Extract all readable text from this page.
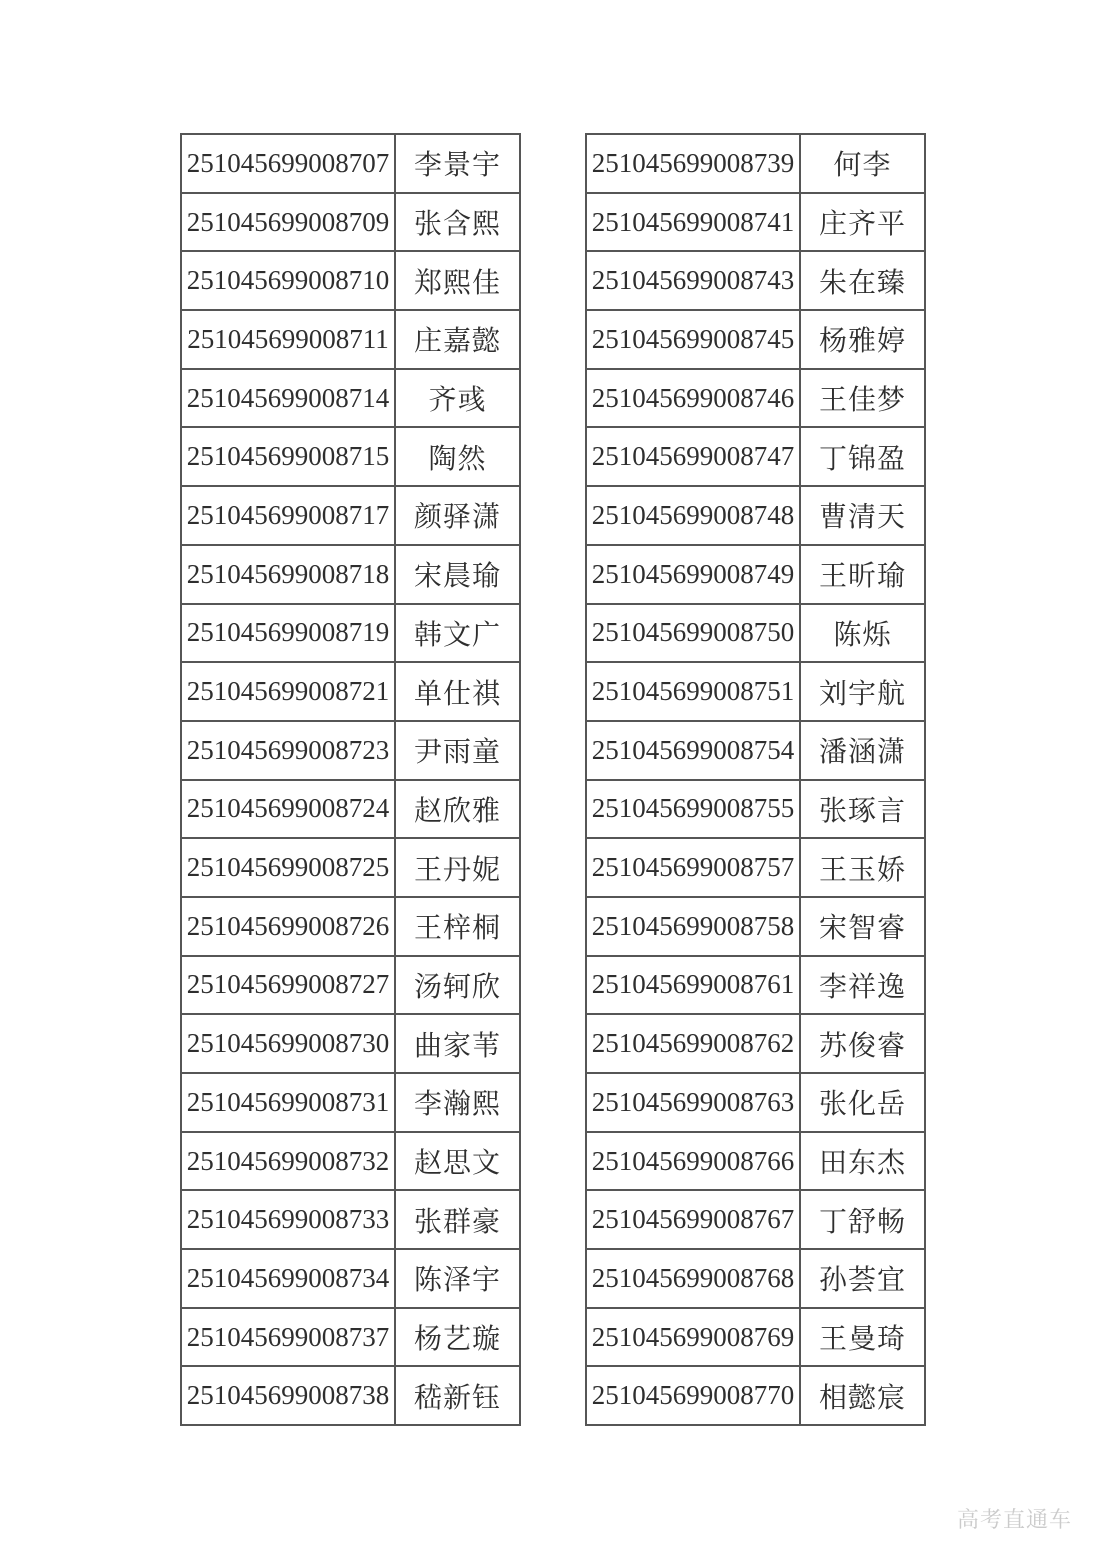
251045699008707	李景宇
251045699008709	张含熙
251045699008710	郑熙佳
251045699008711	庄嘉懿
251045699008714	齐彧
251045699008715	陶然
251045699008717	颜驿潇
251045699008718	宋晨瑜
251045699008719	韩文广
251045699008721	单仕祺
251045699008723	尹雨童
251045699008724	赵欣雅
251045699008725	王丹妮
251045699008726	王梓桐
251045699008727	汤轲欣
251045699008730	曲家苇
251045699008731	李瀚熙
251045699008732	赵思文
251045699008733	张群豪
251045699008734	陈泽宇
251045699008737	杨艺璇
251045699008738	嵇新钰
251045699008739	何李
251045699008741	庄齐平
251045699008743	朱在臻
251045699008745	杨雅婷
251045699008746	王佳梦
251045699008747	丁锦盈
251045699008748	曹清天
251045699008749	王昕瑜
251045699008750	陈烁
251045699008751	刘宇航
251045699008754	潘涵潇
251045699008755	张琢言
251045699008757	王玉娇
251045699008758	宋智睿
251045699008761	李祥逸
251045699008762	苏俊睿
251045699008763	张化岳
251045699008766	田东杰
251045699008767	丁舒畅
251045699008768	孙荟宜
251045699008769	王曼琦
251045699008770	相懿宸
高考直通车
